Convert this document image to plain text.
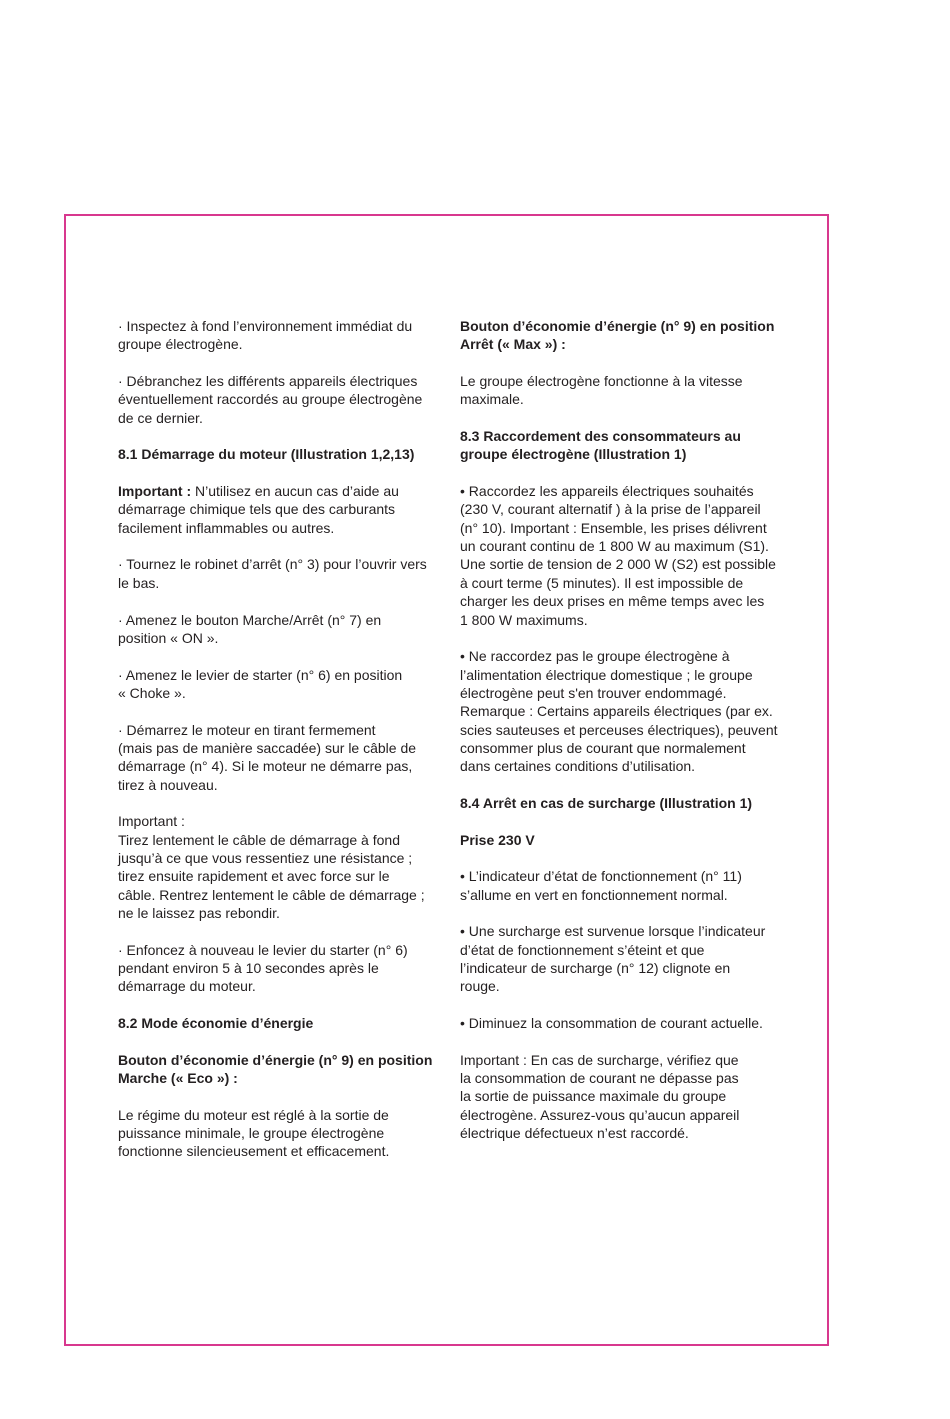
· Inspectez à fond l’environnement immédiat du
groupe électrogène.
· Débranchez les différents appareils électriques
éventuellement raccordés au groupe électrogène
de ce dernier.
8.1 Démarrage du moteur (Illustration 1,2,13)
Important : N’utilisez en aucun cas d’aide au
démarrage chimique tels que des carburants
facilement inflammables ou autres.
· Tournez le robinet d’arrêt (n° 3) pour l’ouvrir vers
le bas.
· Amenez le bouton Marche/Arrêt (n° 7) en
position « ON ».
· Amenez le levier de starter (n° 6) en position
« Choke ».
· Démarrez le moteur en tirant fermement
(mais pas de manière saccadée) sur le câble de
démarrage (n° 4). Si le moteur ne démarre pas,
tirez à nouveau.
Important :
Tirez lentement le câble de démarrage à fond
jusqu’à ce que vous ressentiez une résistance ;
tirez ensuite rapidement et avec force sur le
câble. Rentrez lentement le câble de démarrage ;
ne le laissez pas rebondir.
· Enfoncez à nouveau le levier du starter (n° 6)
pendant environ 5 à 10 secondes après le
démarrage du moteur.
8.2 Mode économie d’énergie
Bouton d’économie d’énergie (n° 9) en position
Marche (« Eco ») :
Le régime du moteur est réglé à la sortie de
puissance minimale, le groupe électrogène
fonctionne silencieusement et efficacement.
Bouton d’économie d’énergie (n° 9) en position
Arrêt (« Max ») :
Le groupe électrogène fonctionne à la vitesse
maximale.
8.3 Raccordement des consommateurs au
groupe électrogène (Illustration 1)
• Raccordez les appareils électriques souhaités
(230 V, courant alternatif ) à la prise de l’appareil
(n° 10). Important : Ensemble, les prises délivrent
un courant continu de 1 800 W au maximum (S1).
Une sortie de tension de 2 000 W (S2) est possible
à court terme (5 minutes). Il est impossible de
charger les deux prises en même temps avec les
1 800 W maximums.
• Ne raccordez pas le groupe électrogène à
l’alimentation électrique domestique ; le groupe
électrogène peut s'en trouver endommagé.
Remarque : Certains appareils électriques (par ex.
scies sauteuses et perceuses électriques), peuvent
consommer plus de courant que normalement
dans certaines conditions d’utilisation.
8.4 Arrêt en cas de surcharge (Illustration 1)
Prise 230 V
• L’indicateur d’état de fonctionnement (n° 11)
s’allume en vert en fonctionnement normal.
• Une surcharge est survenue lorsque l’indicateur
d’état de fonctionnement s’éteint et que
l’indicateur de surcharge (n° 12) clignote en
rouge.
• Diminuez la consommation de courant actuelle.
Important : En cas de surcharge, vérifiez que
la consommation de courant ne dépasse pas
la sortie de puissance maximale du groupe
électrogène. Assurez-vous qu’aucun appareil
électrique défectueux n’est raccordé.
